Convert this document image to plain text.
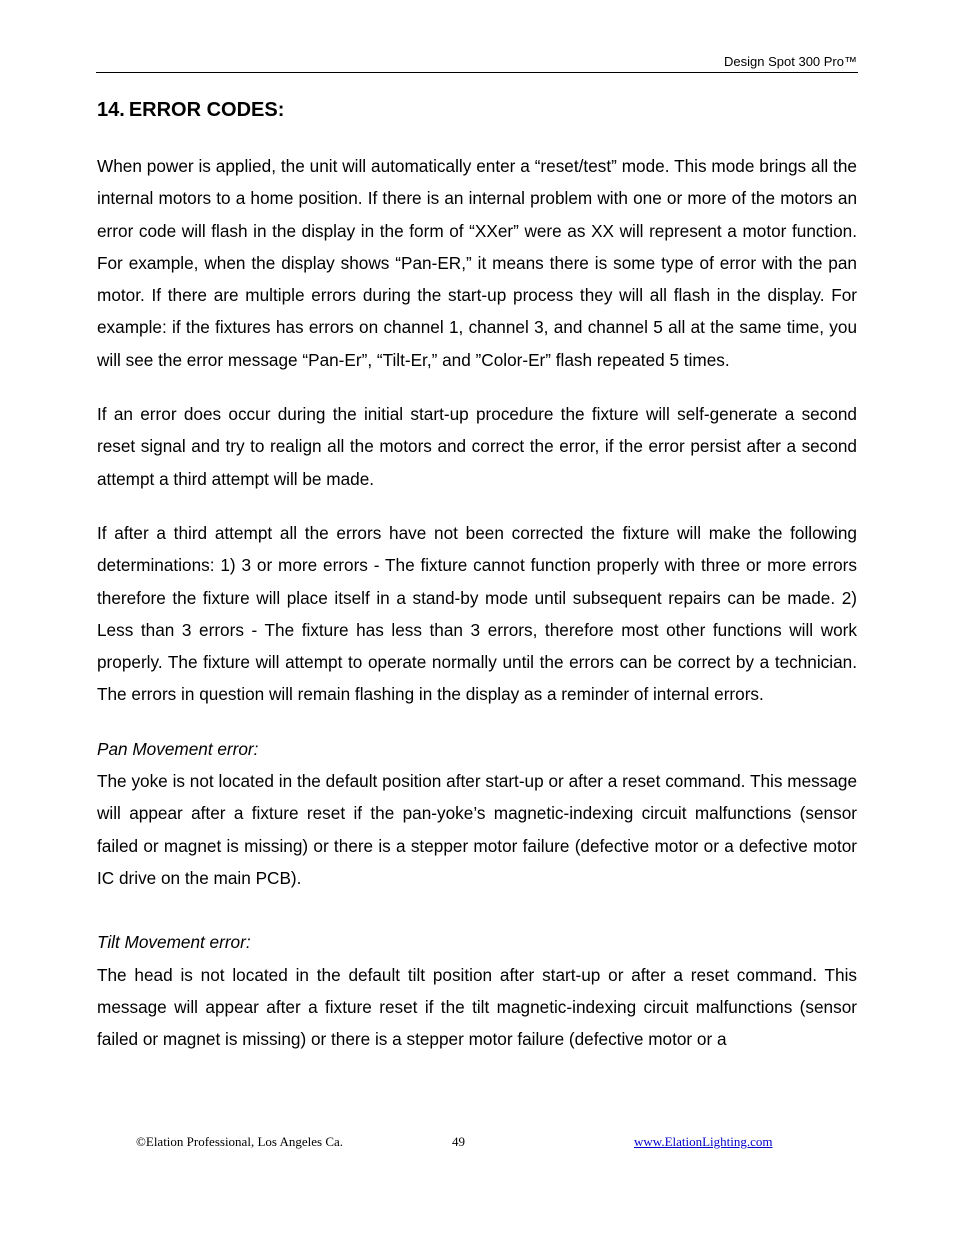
Design Spot 300 Pro™
14. ERROR CODES:

When power is applied, the unit will automatically enter a “reset/test” mode. This mode brings all the internal motors to a home position. If there is an internal problem with one or more of the motors an error code will flash in the display in the form of “XXer” were as XX will represent a motor function. For example, when the display shows “Pan-ER,” it means there is some type of error with the pan motor. If there are multiple errors during the start-up process they will all flash in the display. For example: if the fixtures has errors on channel 1, channel 3, and channel 5 all at the same time, you will see the error message “Pan-Er”, “Tilt-Er,” and ”Color-Er” flash repeated 5 times.

If an error does occur during the initial start-up procedure the fixture will self-generate a second reset signal and try to realign all the motors and correct the error, if the error persist after a second attempt a third attempt will be made.

If after a third attempt all the errors have not been corrected the fixture will make the following determinations: 1) 3 or more errors - The fixture cannot function properly with three or more errors therefore the fixture will place itself in a stand-by mode until subsequent repairs can be made. 2) Less than 3 errors - The fixture has less than 3 errors, therefore most other functions will work properly. The fixture will attempt to operate normally until the errors can be correct by a technician. The errors in question will remain flashing in the display as a reminder of internal errors.

Pan Movement error:

The yoke is not located in the default position after start-up or after a reset command. This message will appear after a fixture reset if the pan-yoke’s magnetic-indexing circuit malfunctions (sensor failed or magnet is missing) or there is a stepper motor failure (defective motor or a defective motor IC drive on the main PCB).

Tilt Movement error:

The head is not located in the default tilt position after start-up or after a reset command. This message will appear after a fixture reset if the tilt magnetic-indexing circuit malfunctions (sensor failed or magnet is missing) or there is a stepper motor failure (defective motor or a

©Elation Professional, Los Angeles Ca.	49	www.ElationLighting.com
